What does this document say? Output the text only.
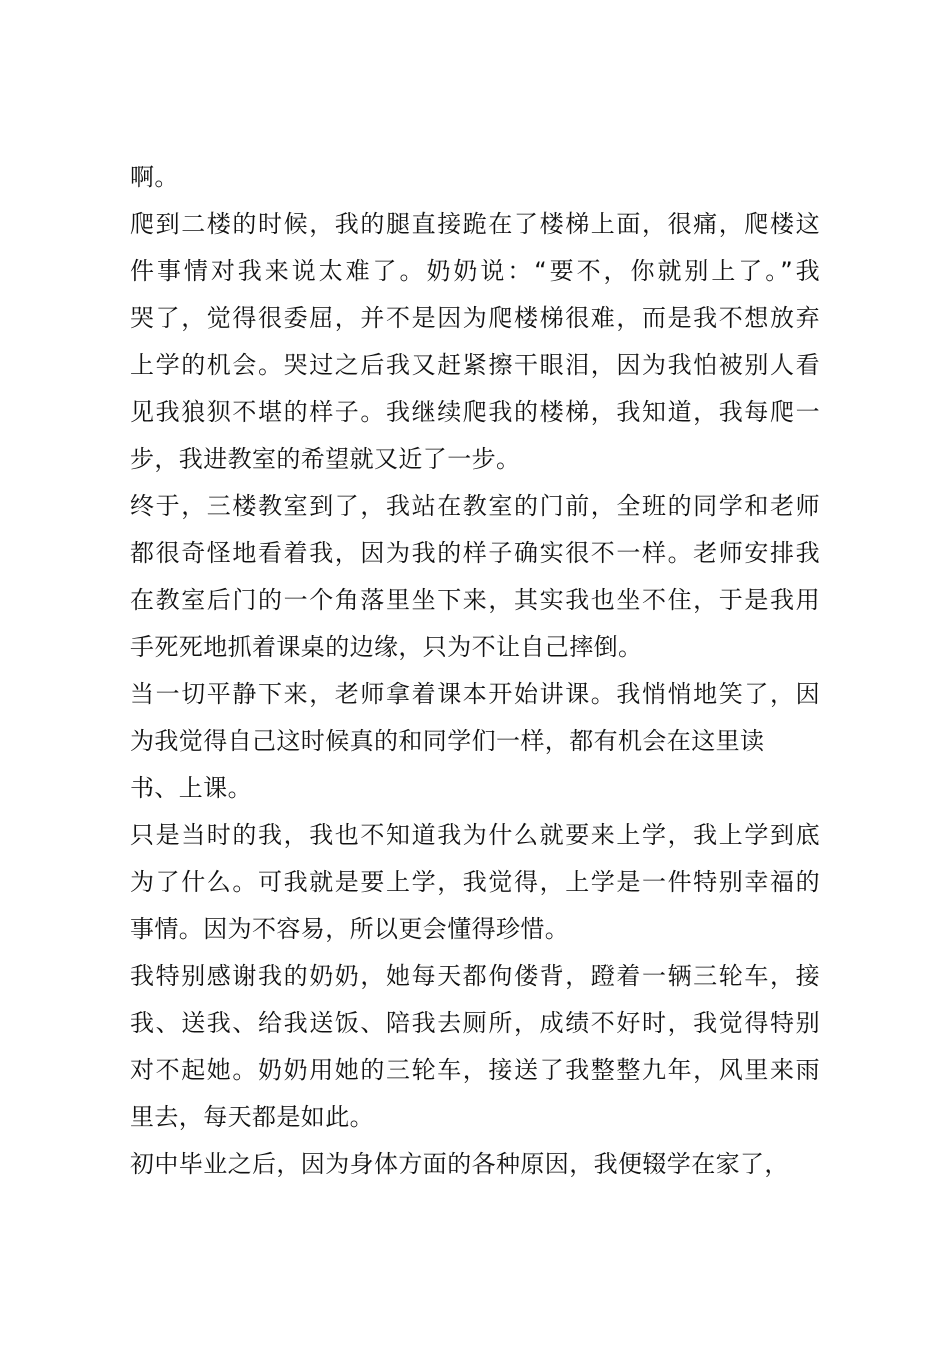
啊。
爬到二楼的时候，我的腿直接跪在了楼梯上面，很痛，爬楼这
件事情对我来说太难了。奶奶说：“要不，你就别上了。”我
哭了，觉得很委屈，并不是因为爬楼梯很难，而是我不想放弃
上学的机会。哭过之后我又赶紧擦干眼泪，因为我怕被别人看
见我狼狈不堪的样子。我继续爬我的楼梯，我知道，我每爬一
步，我进教室的希望就又近了一步。
终于，三楼教室到了，我站在教室的门前，全班的同学和老师
都很奇怪地看着我，因为我的样子确实很不一样。老师安排我
在教室后门的一个角落里坐下来，其实我也坐不住，于是我用
手死死地抓着课桌的边缘，只为不让自己摔倒。
当一切平静下来，老师拿着课本开始讲课。我悄悄地笑了，因
为我觉得自己这时候真的和同学们一样，都有机会在这里读
书、上课。
只是当时的我，我也不知道我为什么就要来上学，我上学到底
为了什么。可我就是要上学，我觉得，上学是一件特别幸福的
事情。因为不容易，所以更会懂得珍惜。
我特别感谢我的奶奶，她每天都佝偻背，蹬着一辆三轮车，接
我、送我、给我送饭、陪我去厕所，成绩不好时，我觉得特别
对不起她。奶奶用她的三轮车，接送了我整整九年，风里来雨
里去，每天都是如此。
初中毕业之后，因为身体方面的各种原因，我便辍学在家了，
